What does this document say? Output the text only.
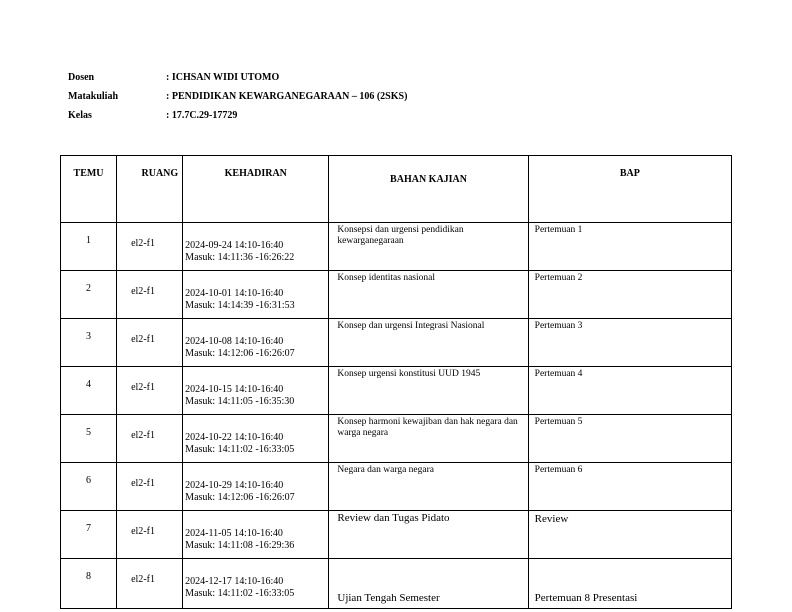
Dosen	: ICHSAN WIDI UTOMO
Matakuliah	: PENDIDIKAN KEWARGANEGARAAN – 106 (2SKS)
Kelas	: 17.7C.29-17729
TEMU	RUANG	KEHADIRAN	BAHAN KAJIAN	BAP

1	el2-f1	2024-09-24 14:10-16:40
Masuk: 14:11:36 -16:26:22	Konsepsi dan urgensi pendidikan kewarganegaraan	Pertemuan 1

2	el2-f1	2024-10-01 14:10-16:40
Masuk: 14:14:39 -16:31:53	Konsep identitas nasional	Pertemuan 2

3	el2-f1	2024-10-08 14:10-16:40
Masuk: 14:12:06 -16:26:07	Konsep dan urgensi Integrasi Nasional	Pertemuan 3

4	el2-f1	2024-10-15 14:10-16:40
Masuk: 14:11:05 -16:35:30	Konsep urgensi konstitusi UUD 1945	Pertemuan 4

5	el2-f1	2024-10-22 14:10-16:40
Masuk: 14:11:02 -16:33:05	Konsep harmoni kewajiban dan hak negara dan warga negara	Pertemuan 5

6	el2-f1	2024-10-29 14:10-16:40
Masuk: 14:12:06 -16:26:07	Negara dan warga negara	Pertemuan 6

7	el2-f1	2024-11-05 14:10-16:40
Masuk: 14:11:08 -16:29:36	Review dan Tugas Pidato	Review

8	el2-f1	2024-12-17 14:10-16:40
Masuk: 14:11:02 -16:33:05	Ujian Tengah Semester	Pertemuan 8 Presentasi
